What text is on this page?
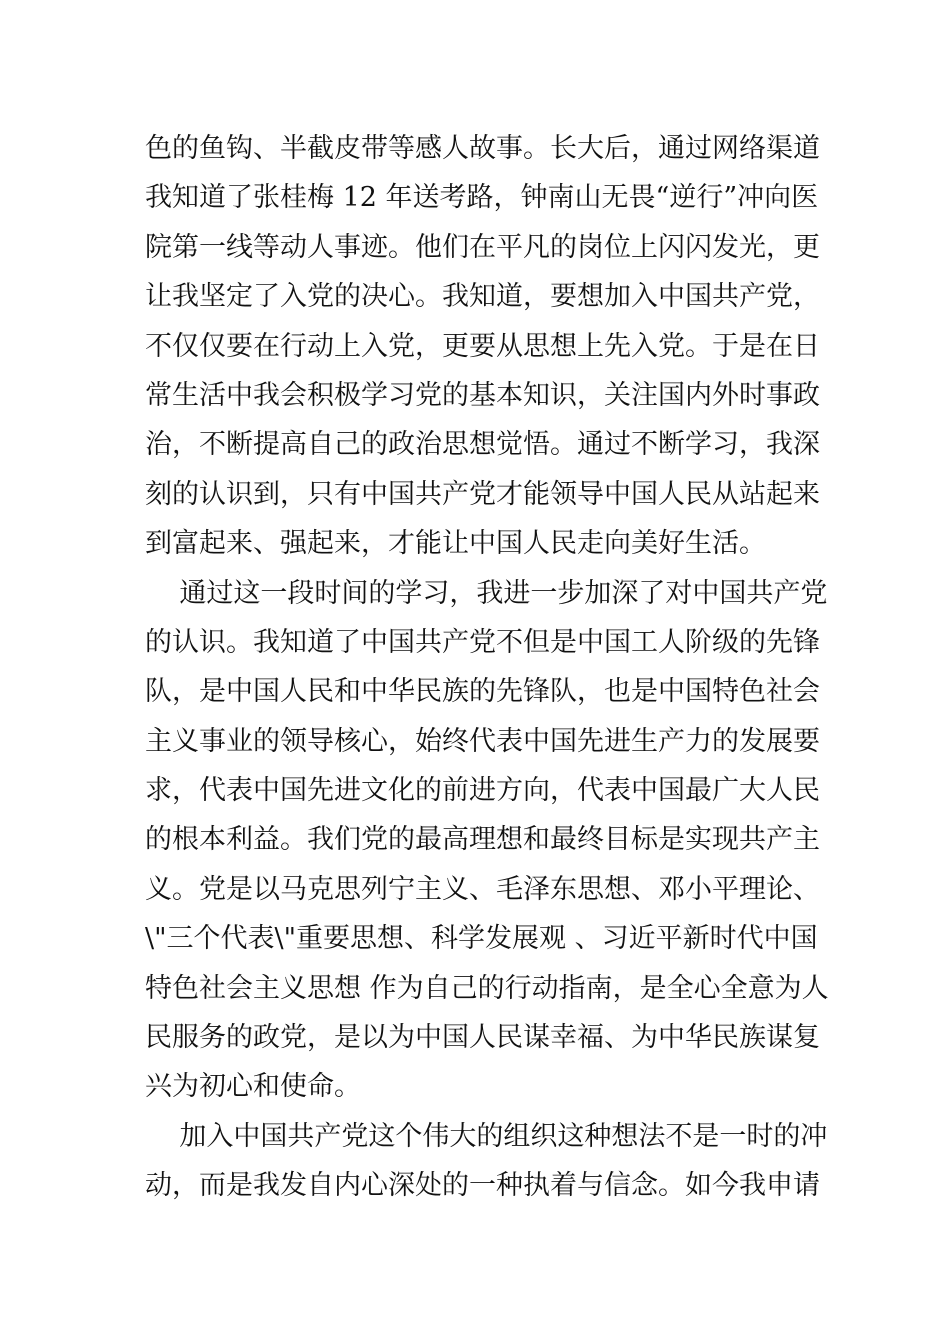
色的鱼钩、半截皮带等感人故事。长大后，通过网络渠道
我知道了张桂梅 12 年送考路，钟南山无畏“逆行”冲向医
院第一线等动人事迹。他们在平凡的岗位上闪闪发光，更
让我坚定了入党的决心。我知道，要想加入中国共产党，
不仅仅要在行动上入党，更要从思想上先入党。于是在日
常生活中我会积极学习党的基本知识，关注国内外时事政
治，不断提高自己的政治思想觉悟。通过不断学习，我深
刻的认识到，只有中国共产党才能领导中国人民从站起来
到富起来、强起来，才能让中国人民走向美好生活。
通过这一段时间的学习，我进一步加深了对中国共产党
的认识。我知道了中国共产党不但是中国工人阶级的先锋
队，是中国人民和中华民族的先锋队，也是中国特色社会
主义事业的领导核心，始终代表中国先进生产力的发展要
求，代表中国先进文化的前进方向，代表中国最广大人民
的根本利益。我们党的最高理想和最终目标是实现共产主
义。党是以马克思列宁主义、毛泽东思想、邓小平理论、
\"三个代表\"重要思想、科学发展观 、习近平新时代中国
特色社会主义思想 作为自己的行动指南，是全心全意为人
民服务的政党，是以为中国人民谋幸福、为中华民族谋复
兴为初心和使命。
加入中国共产党这个伟大的组织这种想法不是一时的冲
动，而是我发自内心深处的一种执着与信念。如今我申请
